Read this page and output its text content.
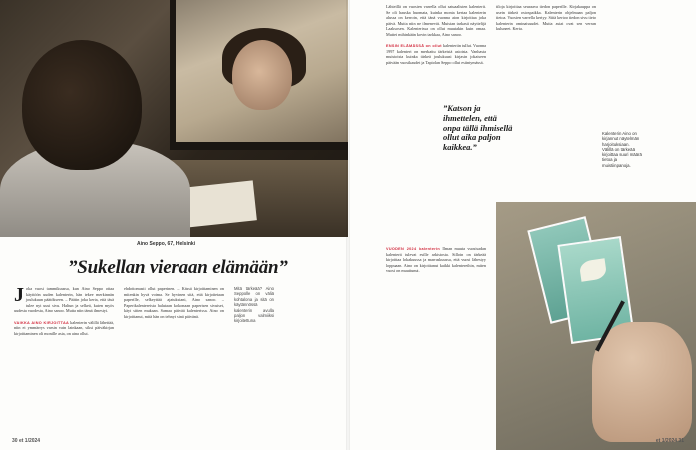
Aino Seppo, 67, Helsinki
”Sukellan vieraan elämään”
J oka vuosi tammikuussa, kun Aino Seppo ottaa käyttöön uuden kalenterin, hän tekee merkinnän joulukuun päätökseen. – Päätin joka kerta, että täsä tulee nyt uusi sivu. Haltun ja selkeä, kuten myös uudesta vuodesta, Aino sanoo. Mutta niin tämä ilmestyi.

VAIKKA AINO KIRJOITTAA kalenterin välillä lähettää, niin ei ymmärrys varsin vain lainkaan, siksi päiväkirjan kirjoittaminen oli monille asia, on aina ollut.
ehdottomasti ollut paperinen. – Kässä kirjoittaminen on mitenkin hyvä voima. Se hyvinen sitä, että kirjoitetaan paperille, selkeyttää ajatuksiani, Aino sanoo. – Paperikalentereista halutaan kokonaan paperisen sivuiset, käyt sitten mukaan. Samaa päivää kalenterissa. Aino on kirjoittanut, mitä hän on tehnyt sinä päivänä.
Mitä tärkeää? Aino Seppolle on väliä kohtalona ja sitä on käytännössä kalenterin avulla paljon valmiiksi kirjoitettuna
30 et 1/2024
Lähteillä on vuosien varrella ollut satuaalisten kalenterit. Se oli hauska huomata, kuinka monta kertaa kalenterin alussa on kerroin, että tänä vuonna aion kirjoittaa joka päivä. Mutta niin ne ilmenevät. Muistan tarkasti näyttelijä Laaksosen. Kalenterissa on ollut muutakin kuin omaa. Muttei mihinkään kovin tarkkaa, Aino sanoo.

ENSIN ELÄMÄSSÄ on ollut kalenteriin tullut. Vuonna 1997 kalenteri on merkattu tärkeistä asioista. Vanhasta muistoista kuinka tärkeä joulukuusi kirjasin jokaiseen päivään vuosikaudet ja Tapiolan Seppo ollut esiintymässä.
tiloja kirjoittaa seuraava tiedon paperille. Kirjakauppa on usein tärkeä ostospaikka. Kalenterin ohjelmaan paljon tietoa. Vuosien varrella kertyy. Siitä kertoo tiedon sivu tieto kalenterin ominaisuudet. Mutta asiat ovat sen verran kuluneet. Kerta.
VUODEN 2024 kalenterin Ilman muuta vuosisadan kalenterit tulevat esille arkistosta. Silloin on tärkeää kirjoittaa lokakuussa ja marraskuussa, että vuosi lähestyy loppuaan. Aino on kirjoittanut kaikki kalentereihin, miten vuosi on muuttunut.
”Katson ja ihmettelen, että onpa tällä ihmisellä ollut aika paljon kaikkea.”
Kalenterin Aino on kirjannut näytelmän harjoituksiaan. Välillä on tärkeää kirjoittaa suuri määrä tietoa ja muistiinpanoja.
et 1/2024 31
